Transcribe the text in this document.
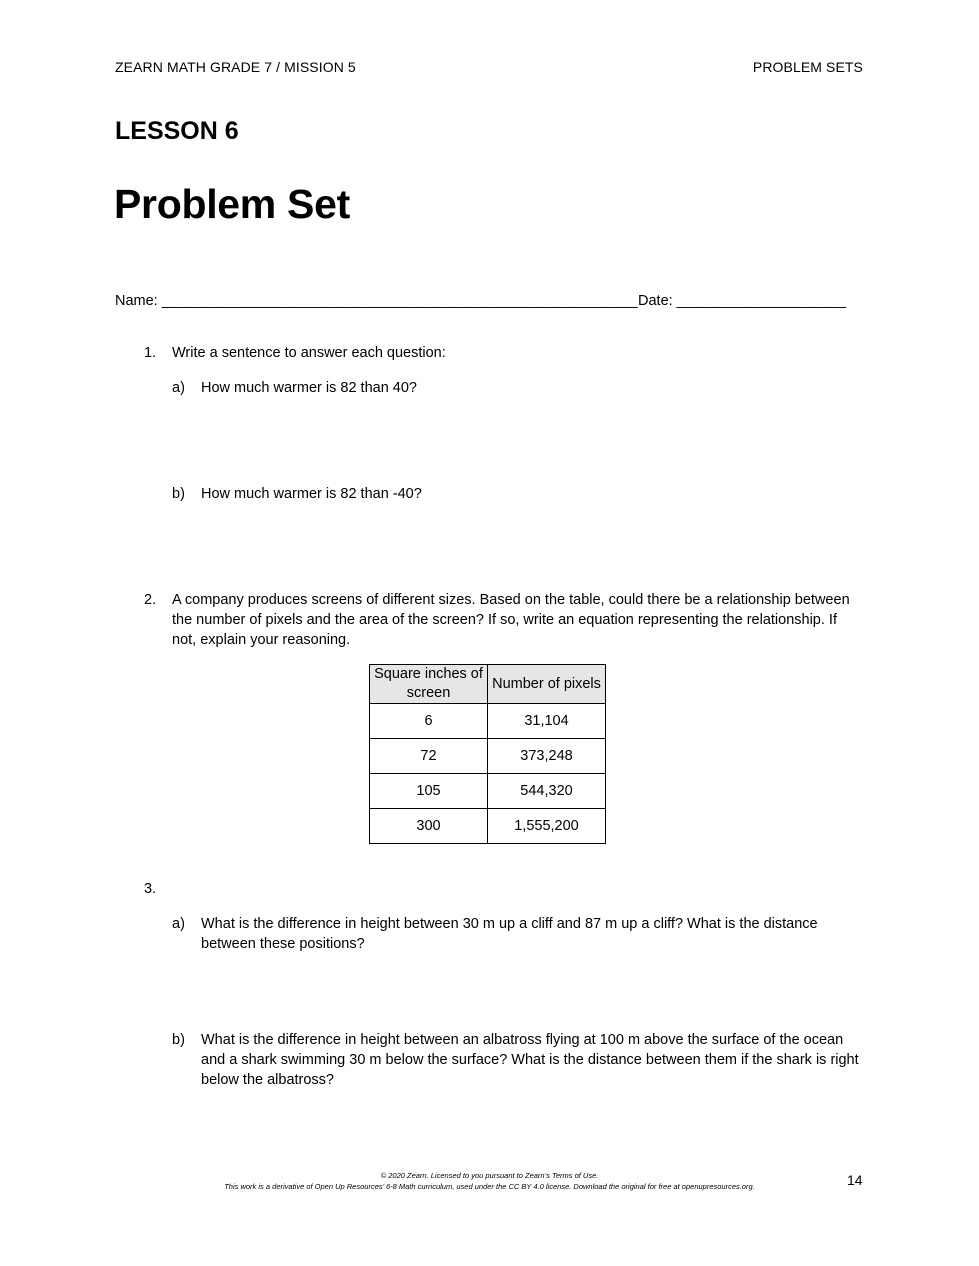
ZEARN MATH GRADE 7 / MISSION 5	PROBLEM SETS
LESSON 6
Problem Set
Name: ___________________________________________________________ Date: _____________________
1. Write a sentence to answer each question:
a) How much warmer is 82 than 40?
b) How much warmer is 82 than -40?
2. A company produces screens of different sizes. Based on the table, could there be a relationship between the number of pixels and the area of the screen? If so, write an equation representing the relationship. If not, explain your reasoning.
Square inches of screen	Number of pixels
6	31,104
72	373,248
105	544,320
300	1,555,200
3.
a) What is the difference in height between 30 m up a cliff and 87 m up a cliff? What is the distance between these positions?
b) What is the difference in height between an albatross flying at 100 m above the surface of the ocean and a shark swimming 30 m below the surface? What is the distance between them if the shark is right below the albatross?
© 2020 Zearn. Licensed to you pursuant to Zearn’s Terms of Use.
This work is a derivative of Open Up Resources’ 6-8 Math curriculum, used under the CC BY 4.0 license. Download the original for free at openupresources.org.	14
